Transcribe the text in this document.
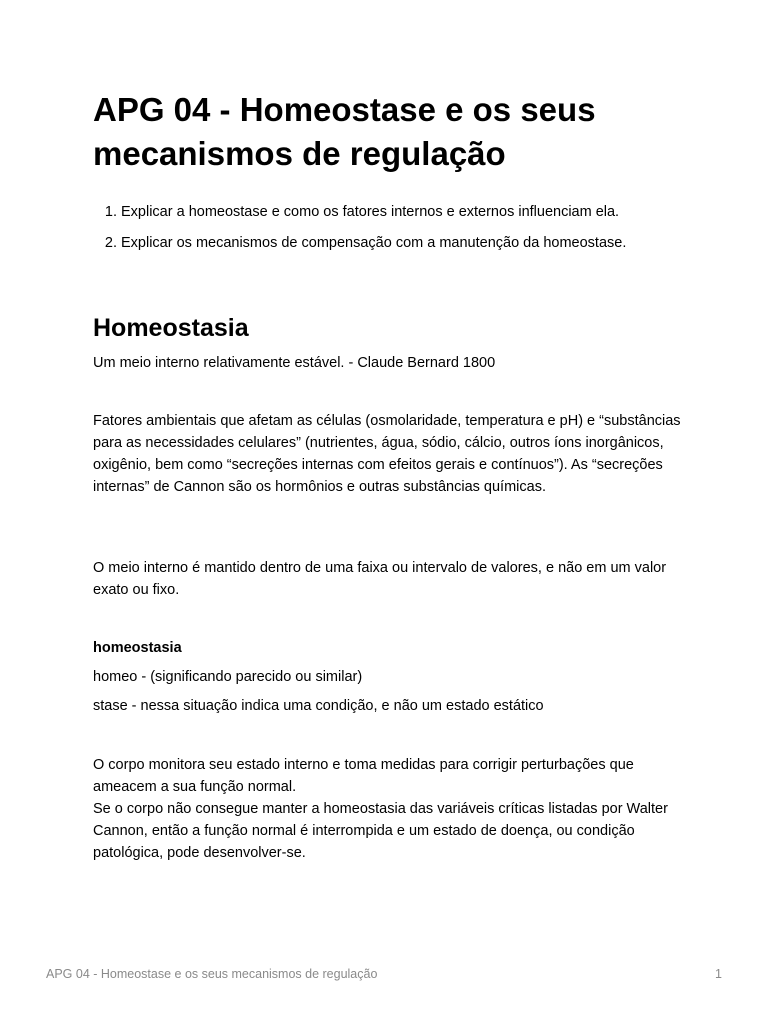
APG 04 - Homeostase e os seus mecanismos de regulação
1. Explicar a homeostase e como os fatores internos e externos influenciam ela.
2. Explicar os mecanismos de compensação com a manutenção da homeostase.
Homeostasia

Um meio interno relativamente estável. - Claude Bernard 1800

Fatores ambientais que afetam as células (osmolaridade, temperatura e pH) e “substâncias para as necessidades celulares” (nutrientes, água, sódio, cálcio, outros íons inorgânicos, oxigênio, bem como “secreções internas com efeitos gerais e contínuos”). As “secreções internas” de Cannon são os hormônios e outras substâncias químicas.

O meio interno é mantido dentro de uma faixa ou intervalo de valores, e não em um valor exato ou fixo.

homeostasia

homeo - (significando parecido ou similar)

stase - nessa situação indica uma condição, e não um estado estático

O corpo monitora seu estado interno e toma medidas para corrigir perturbações que ameacem a sua função normal.

Se o corpo não consegue manter a homeostasia das variáveis críticas listadas por Walter Cannon, então a função normal é interrompida e um estado de doença, ou condição patológica, pode desenvolver-se.

APG 04 - Homeostase e os seus mecanismos de regulação	1
